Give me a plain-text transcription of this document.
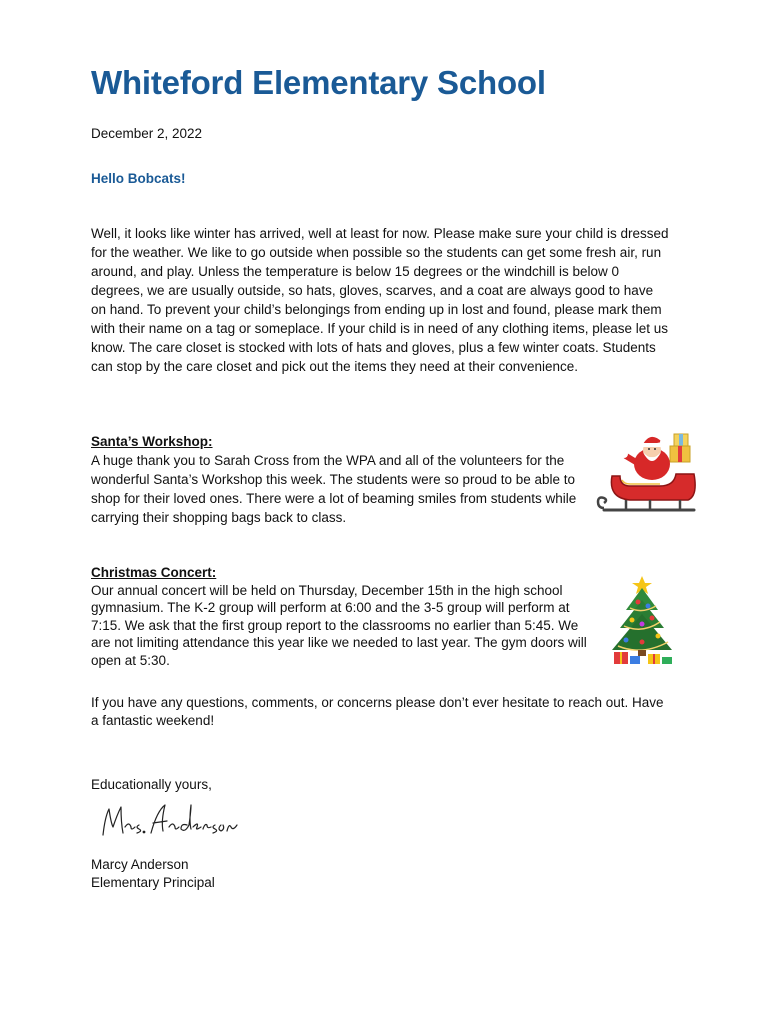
Whiteford Elementary School
December 2, 2022
Hello Bobcats!
Well, it looks like winter has arrived, well at least for now. Please make sure your child is dressed for the weather. We like to go outside when possible so the students can get some fresh air, run around, and play. Unless the temperature is below 15 degrees or the windchill is below 0 degrees, we are usually outside, so hats, gloves, scarves, and a coat are always good to have on hand. To prevent your child’s belongings from ending up in lost and found, please mark them with their name on a tag or someplace. If your child is in need of any clothing items, please let us know. The care closet is stocked with lots of hats and gloves, plus a few winter coats. Students can stop by the care closet and pick out the items they need at their convenience.
Santa’s Workshop:
A huge thank you to Sarah Cross from the WPA and all of the volunteers for the wonderful Santa’s Workshop this week. The students were so proud to be able to shop for their loved ones. There were a lot of beaming smiles from students while carrying their shopping bags back to class.
Christmas Concert:
Our annual concert will be held on Thursday, December 15th in the high school gymnasium. The K-2 group will perform at 6:00 and the 3-5 group will perform at 7:15. We ask that the first group report to the classrooms no earlier than 5:45. We are not limiting attendance this year like we needed to last year. The gym doors will open at 5:30.
If you have any questions, comments, or concerns please don’t ever hesitate to reach out. Have a fantastic weekend!
Educationally yours,
Marcy Anderson
Elementary Principal
